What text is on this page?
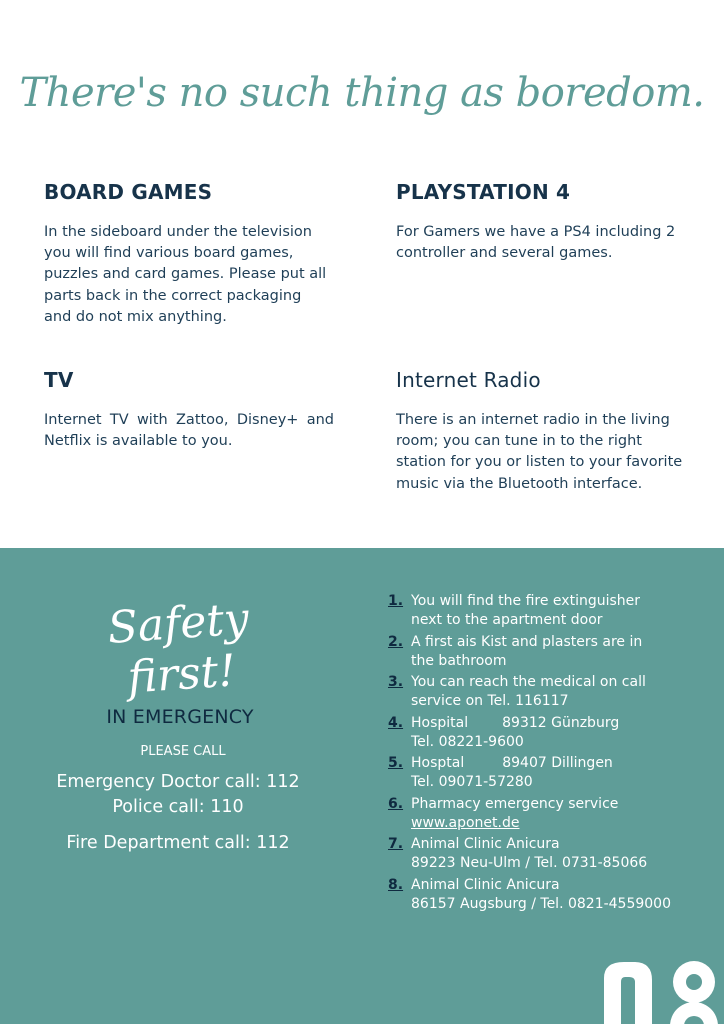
There's no such thing as boredom.
BOARD GAMES

In the sideboard under the television
you will find various board games,
puzzles and card games. Please put all
parts back in the correct packaging
and do not mix anything.

PLAYSTATION 4

For Gamers we have a PS4 including 2
controller and several games.

TV

Internet TV with Zattoo, Disney+ and Netflix is available to you.

Internet Radio

There is an internet radio in the living
room; you can tune in to the right
station for you or listen to your favorite
music via the Bluetooth interface.

Safety first!
IN EMERGENCY
PLEASE CALL
Emergency Doctor call: 112
Police call: 110
Fire Department call: 112
1. You will find the fire extinguisher
next to the apartment door
2. A first ais Kist and plasters are in
the bathroom
3. You can reach the medical on call
service on Tel. 116117
4. Hospital 89312 Günzburg
Tel. 08221-9600
5. Hosptal	89407 Dillingen
Tel. 09071-57280
6. Pharmacy emergency service
www.aponet.de
7. Animal Clinic Anicura
89223 Neu-Ulm / Tel. 0731-85066
8. Animal Clinic Anicura
86157 Augsburg / Tel. 0821-4559000
